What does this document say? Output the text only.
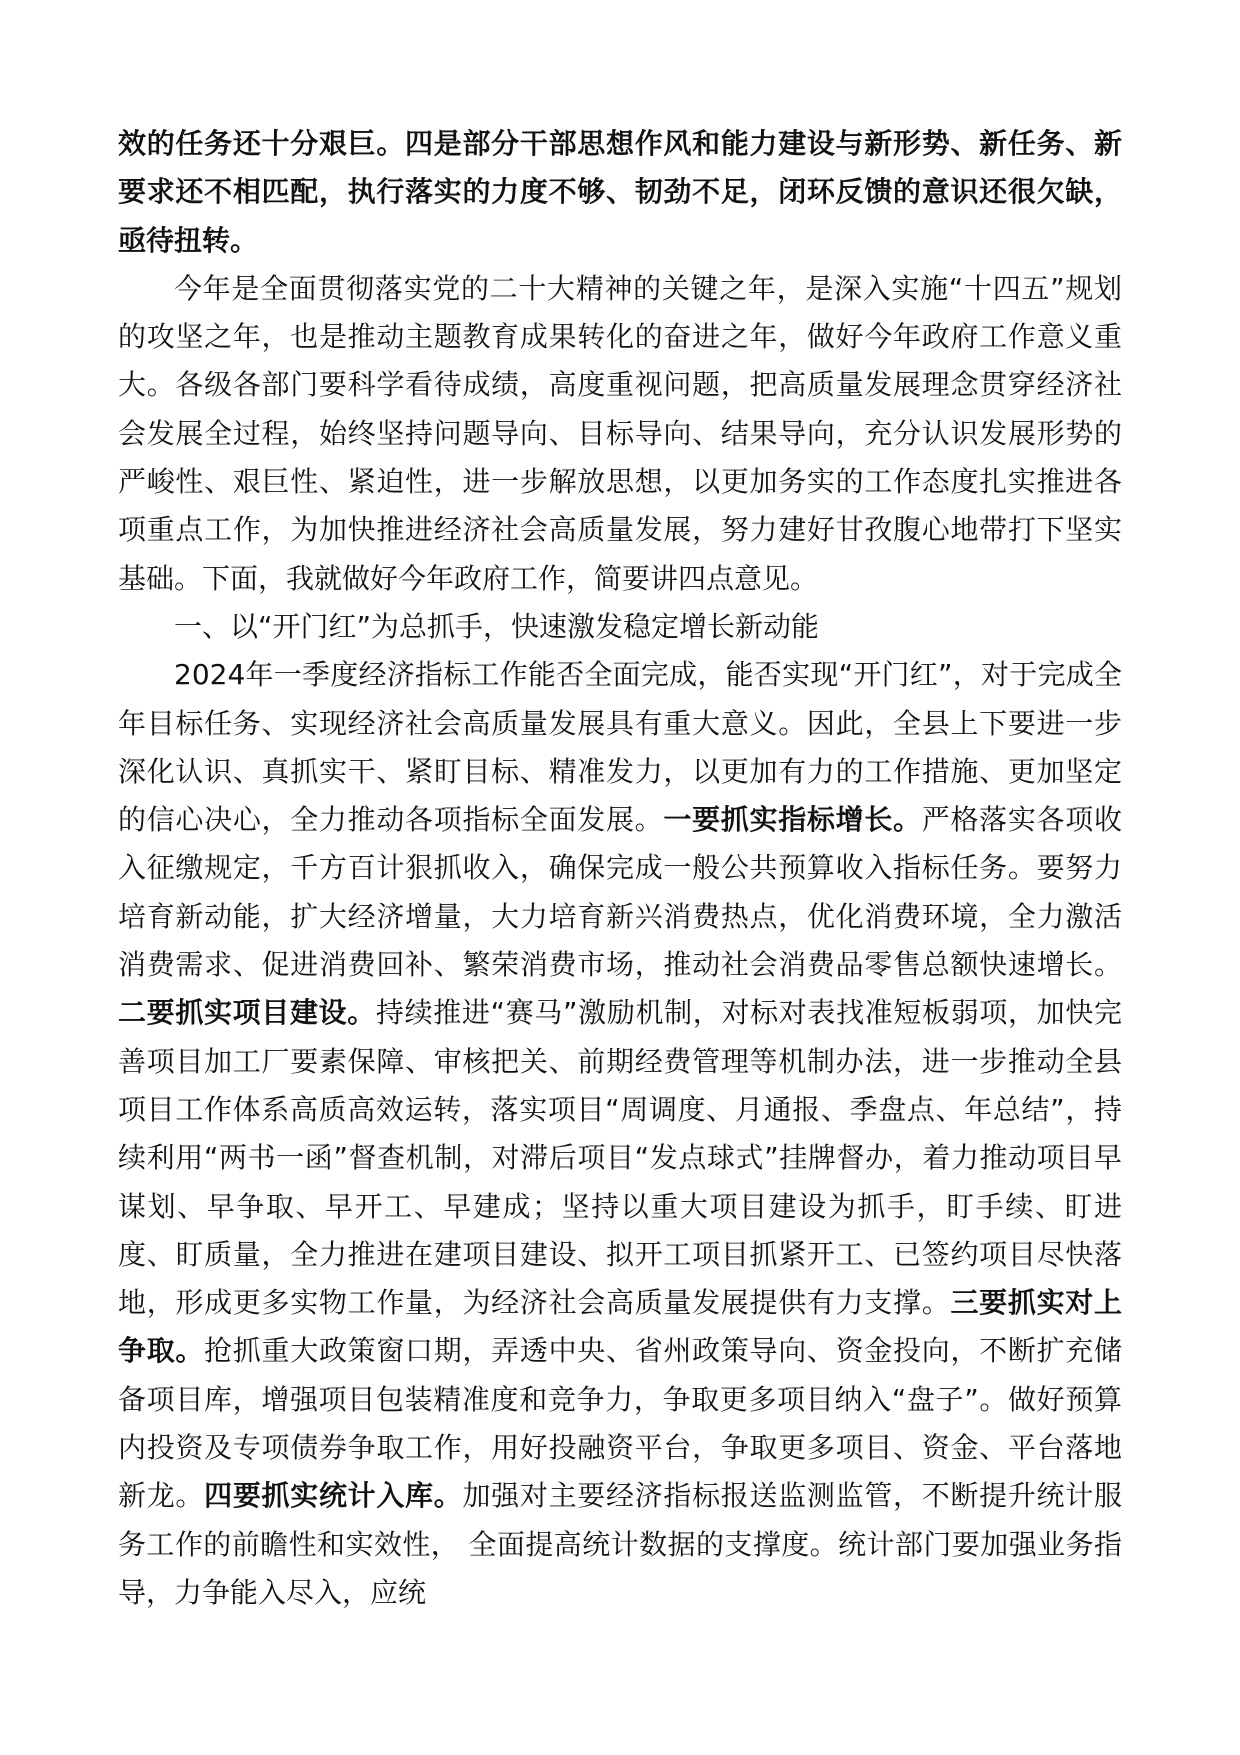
效的任务还十分艰巨。四是部分干部思想作风和能力建设与新形势、新任务、新要求还不相匹配，执行落实的力度不够、韧劲不足，闭环反馈的意识还很欠缺，亟待扭转。

今年是全面贯彻落实党的二十大精神的关键之年，是深入实施“十四五”规划的攻坚之年，也是推动主题教育成果转化的奋进之年，做好今年政府工作意义重大。各级各部门要科学看待成绩，高度重视问题，把高质量发展理念贯穿经济社会发展全过程，始终坚持问题导向、目标导向、结果导向，充分认识发展形势的严峻性、艰巨性、紧迫性，进一步解放思想，以更加务实的工作态度扎实推进各项重点工作，为加快推进经济社会高质量发展，努力建好甘孜腹心地带打下坚实基础。下面，我就做好今年政府工作，简要讲四点意见。

一、以“开门红”为总抓手，快速激发稳定增长新动能

2024年一季度经济指标工作能否全面完成，能否实现“开门红”，对于完成全年目标任务、实现经济社会高质量发展具有重大意义。因此，全县上下要进一步深化认识、真抓实干、紧盯目标、精准发力，以更加有力的工作措施、更加坚定的信心决心，全力推动各项指标全面发展。一要抓实指标增长。严格落实各项收入征缴规定，千方百计狠抓收入，确保完成一般公共预算收入指标任务。要努力培育新动能，扩大经济增量，大力培育新兴消费热点，优化消费环境，全力激活消费需求、促进消费回补、繁荣消费市场，推动社会消费品零售总额快速增长。二要抓实项目建设。持续推进“赛马”激励机制，对标对表找准短板弱项，加快完善项目加工厂要素保障、审核把关、前期经费管理等机制办法，进一步推动全县项目工作体系高质高效运转，落实项目“周调度、月通报、季盘点、年总结”，持续利用“两书一函”督查机制，对滞后项目“发点球式”挂牌督办，着力推动项目早谋划、早争取、早开工、早建成；坚持以重大项目建设为抓手，盯手续、盯进度、盯质量，全力推进在建项目建设、拟开工项目抓紧开工、已签约项目尽快落地，形成更多实物工作量，为经济社会高质量发展提供有力支撑。三要抓实对上争取。抢抓重大政策窗口期，弄透中央、省州政策导向、资金投向，不断扩充储备项目库，增强项目包装精准度和竞争力，争取更多项目纳入“盘子”。做好预算内投资及专项债券争取工作，用好投融资平台，争取更多项目、资金、平台落地新龙。四要抓实统计入库。加强对主要经济指标报送监测监管，不断提升统计服务工作的前瞻性和实效性， 全面提高统计数据的支撑度。统计部门要加强业务指导，力争能入尽入，应统
